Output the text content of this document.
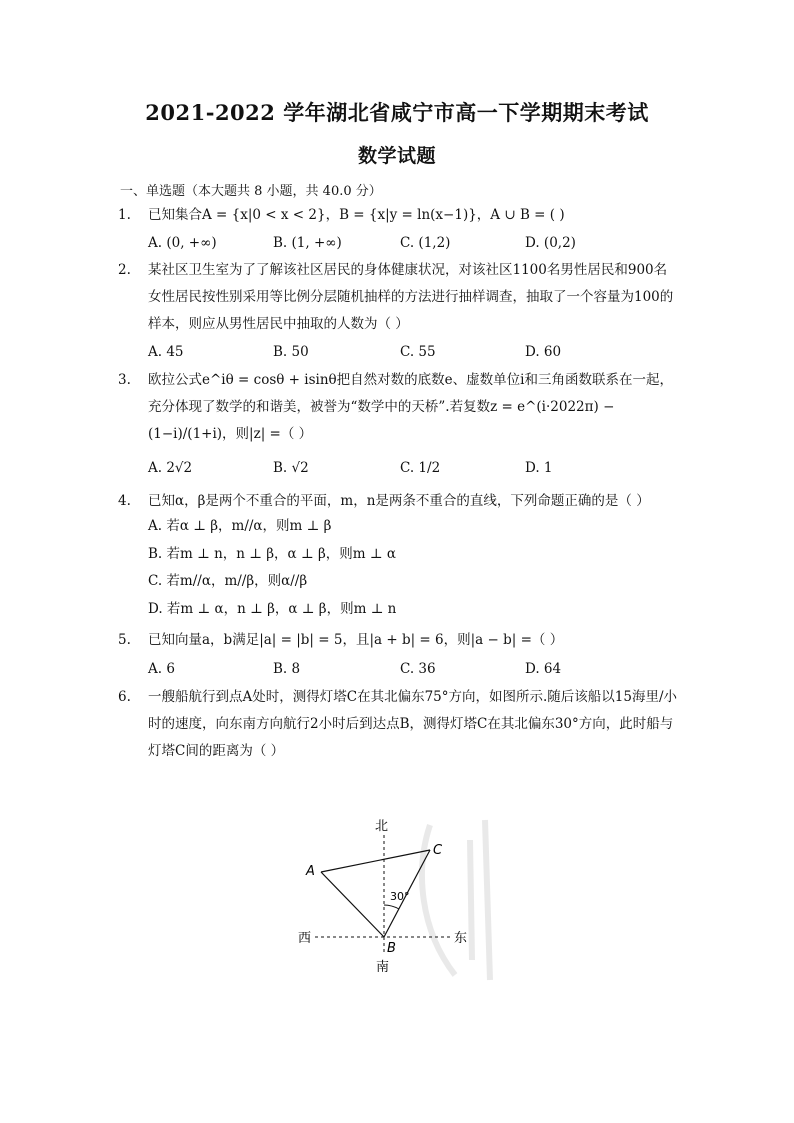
2021-2022 学年湖北省咸宁市高一下学期期末考试
数学试题
一、单选题（本大题共 8 小题，共 40.0 分）
1.	已知集合A = {x|0 < x < 2}，B = {x|y = ln(x−1)}，A ∪ B = ( )
A. (0, +∞)	B. (1, +∞)	C. (1,2)	D. (0,2)
2.	某社区卫生室为了了解该社区居民的身体健康状况，对该社区1100名男性居民和900名女性居民按性别采用等比例分层随机抽样的方法进行抽样调查，抽取了一个容量为100的样本，则应从男性居民中抽取的人数为（ ）
A. 45	B. 50	C. 55	D. 60
3.	欧拉公式e^iθ = cosθ + isinθ把自然对数的底数e、虚数单位i和三角函数联系在一起，充分体现了数学的和谐美，被誉为“数学中的天桥”.若复数z = e^(i·2022π) − (1−i)/(1+i)，则|z| =（ ）
A. 2√2	B. √2	C. 1/2	D. 1
4.	已知α，β是两个不重合的平面，m，n是两条不重合的直线，下列命题正确的是（ ）
A. 若α ⊥ β，m//α，则m ⊥ β
B. 若m ⊥ n，n ⊥ β，α ⊥ β，则m ⊥ α
C. 若m//α，m//β，则α//β
D. 若m ⊥ α，n ⊥ β，α ⊥ β，则m ⊥ n
5.	已知向量a，b满足|a| = |b| = 5，且|a + b| = 6，则|a − b| =（ ）
A. 6	B. 8	C. 36	D. 64
6.	一艘船航行到点A处时，测得灯塔C在其北偏东75°方向，如图所示.随后该船以15海里/小时的速度，向东南方向航行2小时后到达点B，测得灯塔C在其北偏东30°方向，此时船与灯塔C间的距离为（ ）
30°
北
南
西	东
A
B
C
